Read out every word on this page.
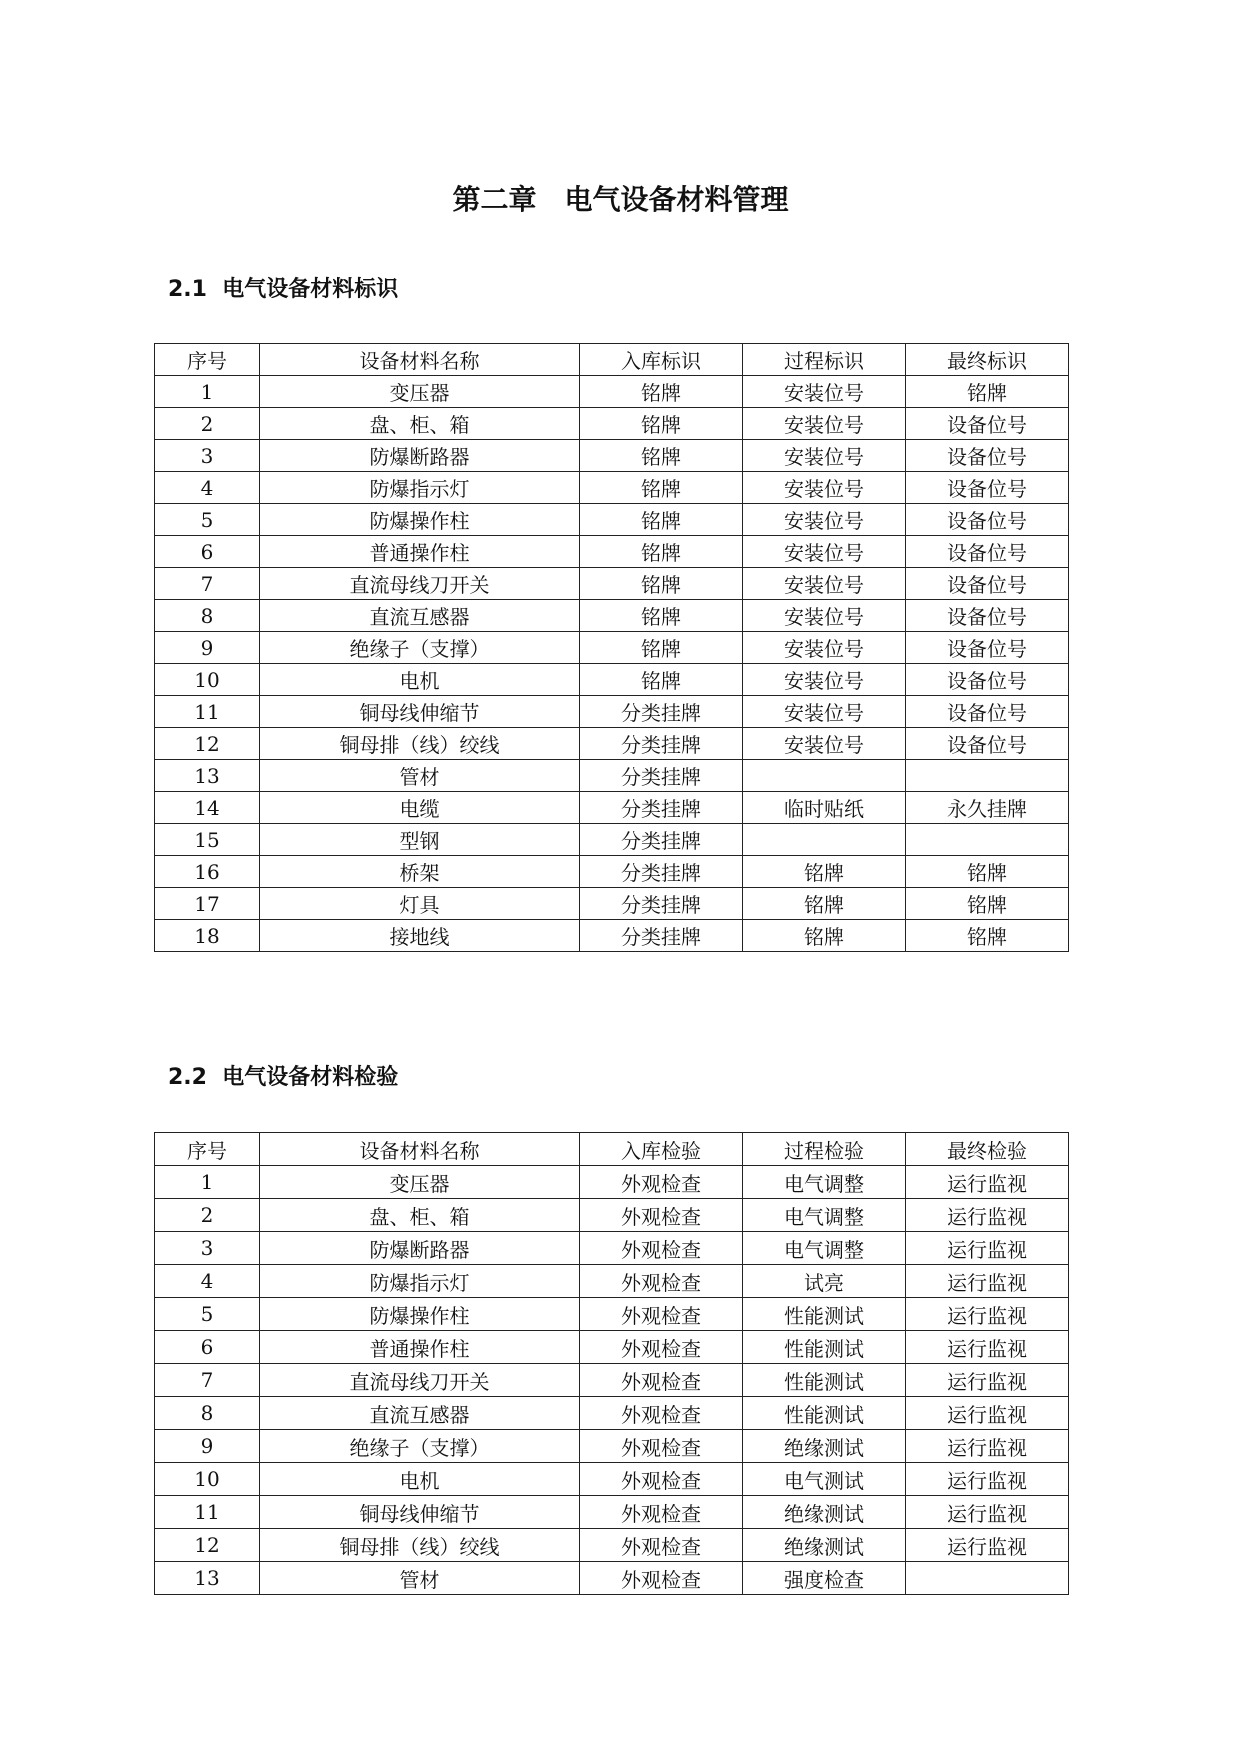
第二章　电气设备材料管理
2.1  电气设备材料标识
序号	设备材料名称	入库标识	过程标识	最终标识
1	变压器	铭牌	安装位号	铭牌
2	盘、柜、箱	铭牌	安装位号	设备位号
3	防爆断路器	铭牌	安装位号	设备位号
4	防爆指示灯	铭牌	安装位号	设备位号
5	防爆操作柱	铭牌	安装位号	设备位号
6	普通操作柱	铭牌	安装位号	设备位号
7	直流母线刀开关	铭牌	安装位号	设备位号
8	直流互感器	铭牌	安装位号	设备位号
9	绝缘子（支撑）	铭牌	安装位号	设备位号
10	电机	铭牌	安装位号	设备位号
11	铜母线伸缩节	分类挂牌	安装位号	设备位号
12	铜母排（线）绞线	分类挂牌	安装位号	设备位号
13	管材	分类挂牌		
14	电缆	分类挂牌	临时贴纸	永久挂牌
15	型钢	分类挂牌		
16	桥架	分类挂牌	铭牌	铭牌
17	灯具	分类挂牌	铭牌	铭牌
18	接地线	分类挂牌	铭牌	铭牌
2.2  电气设备材料检验
序号	设备材料名称	入库检验	过程检验	最终检验
1	变压器	外观检查	电气调整	运行监视
2	盘、柜、箱	外观检查	电气调整	运行监视
3	防爆断路器	外观检查	电气调整	运行监视
4	防爆指示灯	外观检查	试亮	运行监视
5	防爆操作柱	外观检查	性能测试	运行监视
6	普通操作柱	外观检查	性能测试	运行监视
7	直流母线刀开关	外观检查	性能测试	运行监视
8	直流互感器	外观检查	性能测试	运行监视
9	绝缘子（支撑）	外观检查	绝缘测试	运行监视
10	电机	外观检查	电气测试	运行监视
11	铜母线伸缩节	外观检查	绝缘测试	运行监视
12	铜母排（线）绞线	外观检查	绝缘测试	运行监视
13	管材	外观检查	强度检查	
